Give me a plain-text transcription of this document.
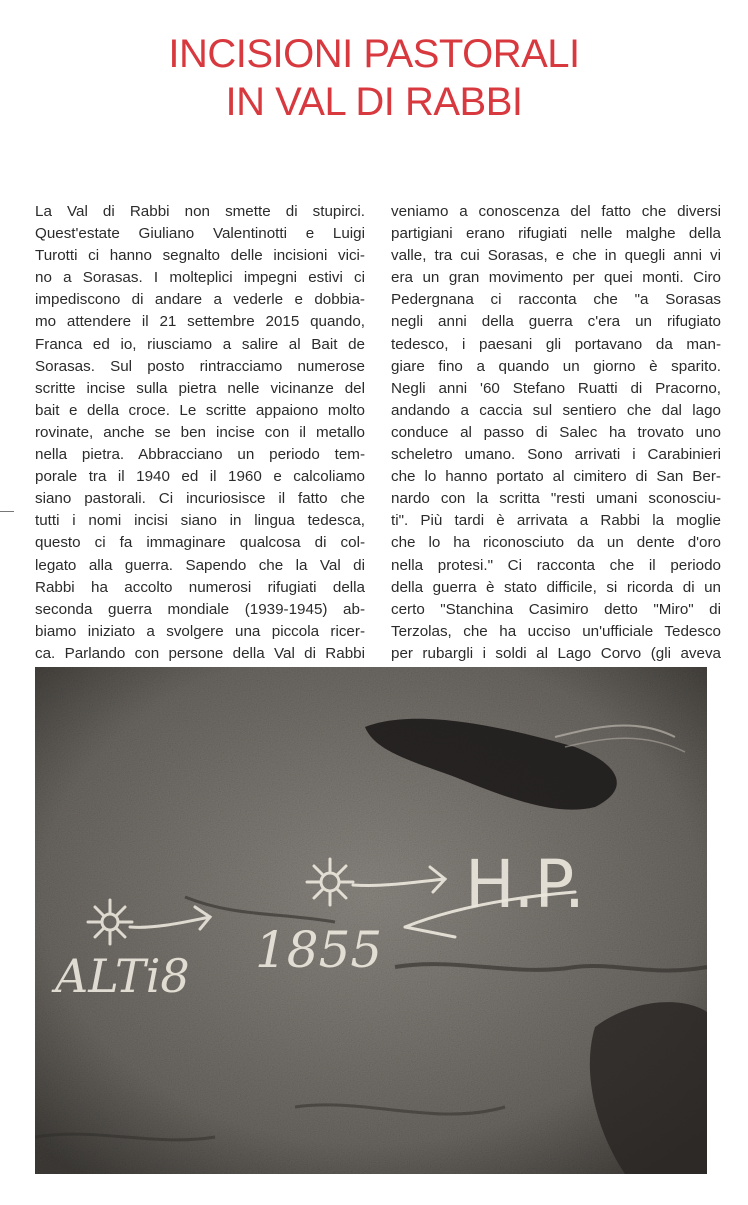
INCISIONI PASTORALI
IN VAL DI RABBI
La Val di Rabbi non smette di stupirci.
Quest'estate Giuliano Valentinotti e Luigi
Turotti ci hanno segnalto delle incisioni vici-
no a Sorasas. I molteplici impegni estivi ci
impediscono di andare a vederle e dobbia-
mo attendere il 21 settembre 2015 quando,
Franca ed io, riusciamo a salire al Bait de
Sorasas. Sul posto rintracciamo numerose
scritte incise sulla pietra nelle vicinanze del
bait e della croce. Le scritte appaiono molto
rovinate, anche se ben incise con il metallo
nella pietra. Abbracciano un periodo tem-
porale tra il 1940 ed il 1960 e calcoliamo
siano pastorali. Ci incuriosisce il fatto che
tutti i nomi incisi siano in lingua tedesca,
questo ci fa immaginare qualcosa di col-
legato alla guerra. Sapendo che la Val di
Rabbi ha accolto numerosi rifugiati della
seconda guerra mondiale (1939-1945) ab-
biamo iniziato a svolgere una piccola ricer-
ca. Parlando con persone della Val di Rabbi
veniamo a conoscenza del fatto che diversi
partigiani erano rifugiati nelle malghe della
valle, tra cui Sorasas, e che in quegli anni vi
era un gran movimento per quei monti. Ciro
Pedergnana ci racconta che "a Sorasas
negli anni della guerra c'era un rifugiato
tedesco, i paesani gli portavano da man-
giare fino a quando un giorno è sparito.
Negli anni '60 Stefano Ruatti di Pracorno,
andando a caccia sul sentiero che dal lago
conduce al passo di Salec ha trovato uno
scheletro umano. Sono arrivati i Carabinieri
che lo hanno portato al cimitero di San Ber-
nardo con la scritta "resti umani sconosciu-
ti". Più tardi è arrivata a Rabbi la moglie
che lo ha riconosciuto da un dente d'oro
nella protesi." Ci racconta che il periodo
della guerra è stato difficile, si ricorda di un
certo "Stanchina Casimiro detto "Miro" di
Terzolas, che ha ucciso un'ufficiale Tedesco
per rubargli i soldi al Lago Corvo (gli aveva
ALTi8 1855
H.P.
